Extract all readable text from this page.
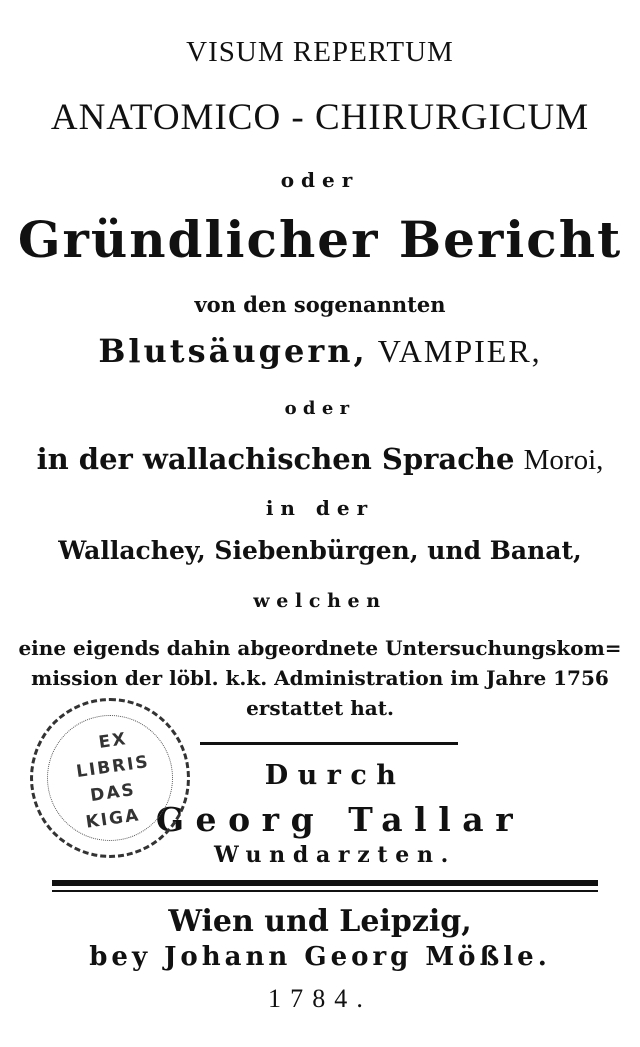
VISUM REPERTUM
ANATOMICO - CHIRURGICUM
oder
Gründlicher Bericht
von den sogenannten
Blutsäugern, VAMPIER,
oder
in der wallachischen Sprache Moroi,
in der
Wallachey, Siebenbürgen, und Banat,
welchen
eine eigends dahin abgeordnete Untersuchungskom=
mission der löbl. k.k. Administration im Jahre 1756
erstattet hat.
Durch
Georg Tallar
Wundarzten.
Wien und Leipzig,
bey Johann Georg Mößle.
1784.
EX
LIBRIS
DAS
KIGA
